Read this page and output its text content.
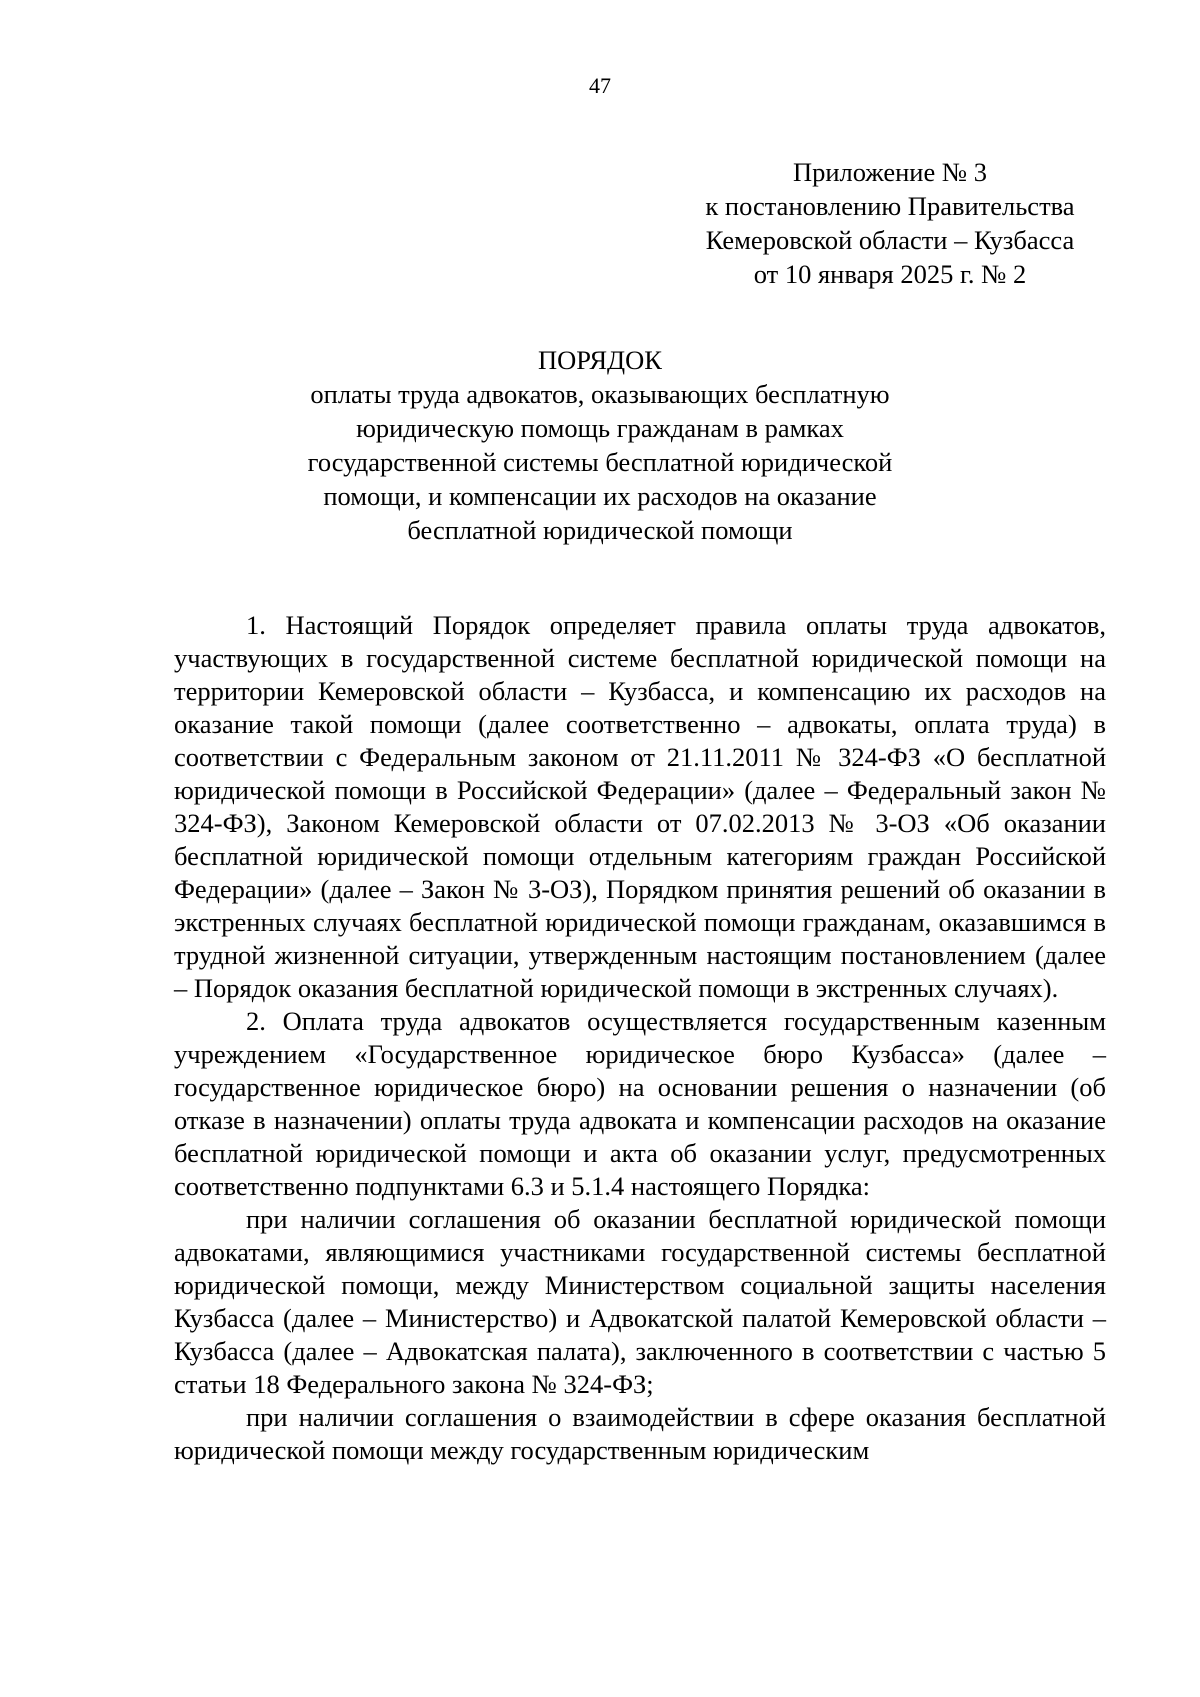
47
Приложение № 3
к постановлению Правительства
Кемеровской области – Кузбасса
от 10 января 2025 г. № 2
ПОРЯДОК
оплаты труда адвокатов, оказывающих бесплатную
юридическую помощь гражданам в рамках
государственной системы бесплатной юридической
помощи, и компенсации их расходов на оказание
бесплатной юридической помощи

1. Настоящий Порядок определяет правила оплаты труда адвокатов, участвующих в государственной системе бесплатной юридической помощи на территории Кемеровской области – Кузбасса, и компенсацию их расходов на оказание такой помощи (далее соответственно – адвокаты, оплата труда) в соответствии с Федеральным законом от 21.11.2011 № 324-ФЗ «О бесплатной юридической помощи в Российской Федерации» (далее – Федеральный закон № 324-ФЗ), Законом Кемеровской области от 07.02.2013 № 3-ОЗ «Об оказании бесплатной юридической помощи отдельным категориям граждан Российской Федерации» (далее – Закон № 3-ОЗ), Порядком принятия решений об оказании в экстренных случаях бесплатной юридической помощи гражданам, оказавшимся в трудной жизненной ситуации, утвержденным настоящим постановлением (далее – Порядок оказания бесплатной юридической помощи в экстренных случаях).

2. Оплата труда адвокатов осуществляется государственным казенным учреждением «Государственное юридическое бюро Кузбасса» (далее – государственное юридическое бюро) на основании решения о назначении (об отказе в назначении) оплаты труда адвоката и компенсации расходов на оказание бесплатной юридической помощи и акта об оказании услуг, предусмотренных соответственно подпунктами 6.3 и 5.1.4 настоящего Порядка:

при наличии соглашения об оказании бесплатной юридической помощи адвокатами, являющимися участниками государственной системы бесплатной юридической помощи, между Министерством социальной защиты населения Кузбасса (далее – Министерство) и Адвокатской палатой Кемеровской области – Кузбасса (далее – Адвокатская палата), заключенного в соответствии с частью 5 статьи 18 Федерального закона № 324-ФЗ;

при наличии соглашения о взаимодействии в сфере оказания бесплатной юридической помощи между государственным юридическим
